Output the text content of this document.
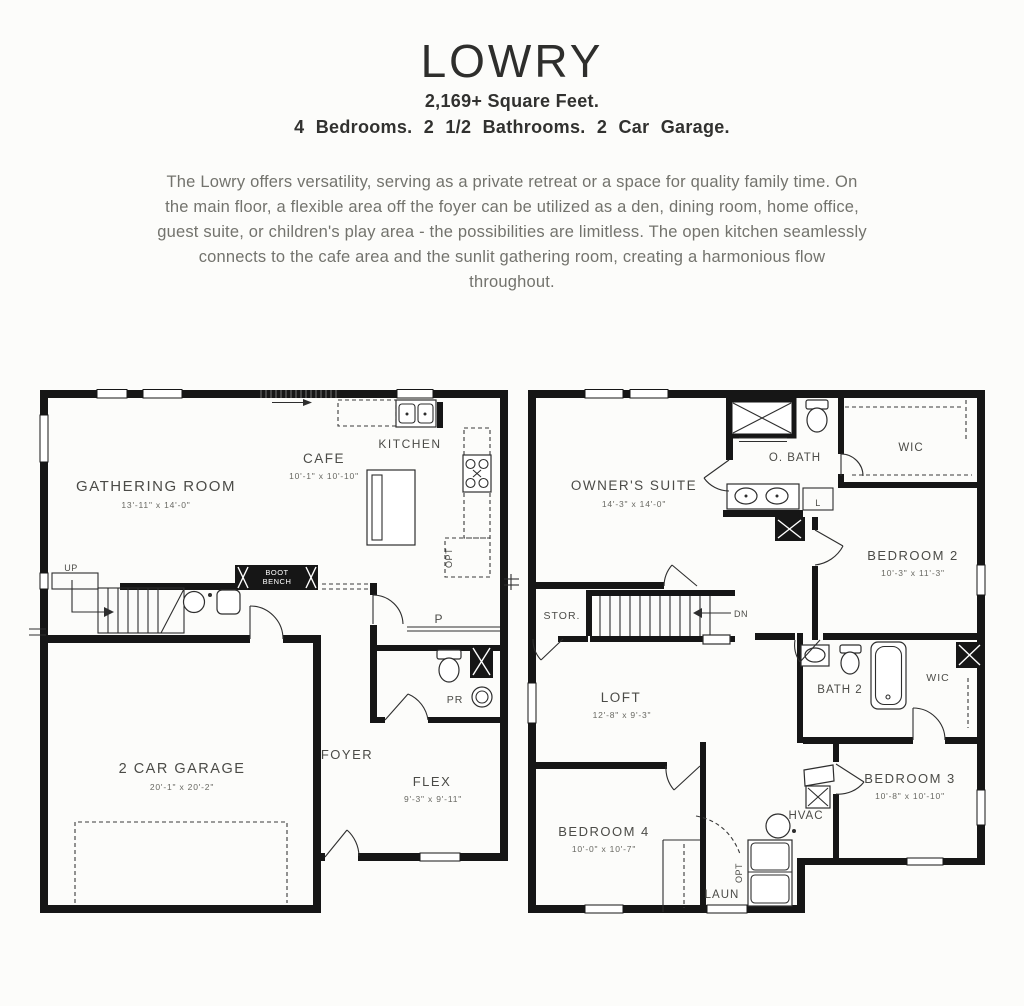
LOWRY
2,169+ Square Feet.
4 Bedrooms. 2 1/2 Bathrooms. 2 Car Garage.

The Lowry offers versatility, serving as a private retreat or a space for quality family time. On the main floor, a flexible area off the foyer can be utilized as a den, dining room, home office, guest suite, or children's play area - the possibilities are limitless. The open kitchen seamlessly connects to the cafe area and the sunlit gathering room, creating a harmonious flow throughout.

BOOT
BENCH
GATHERING ROOM
13'-11" x 14'-0"
CAFE
10'-1" x 10'-10"
KITCHEN
UP	OPT
P
PR
FOYER
FLEX
9'-3" x 9'-11"
2 CAR GARAGE
20'-1" x 20'-2"
OWNER'S SUITE
14'-3" x 14'-0"
O. BATH
WIC
L
BEDROOM 2
10'-3" x 11'-3"
STOR.	DN
LOFT
12'-8" x 9'-3"
BATH 2
WIC
BEDROOM 3
10'-8" x 10'-10"
BEDROOM 4
10'-0" x 10'-7"
HVAC
LAUN
OPT
